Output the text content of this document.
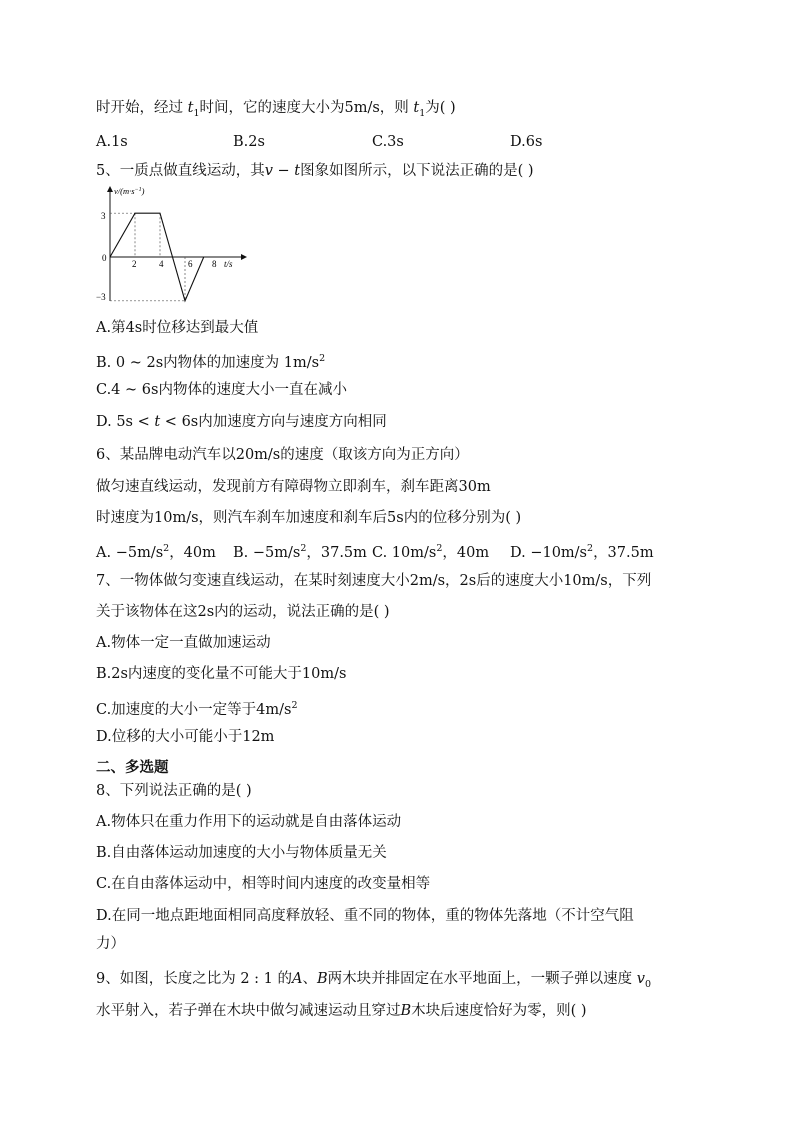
时开始，经过 $t_1$时间，它的速度大小为5m/s，则 $t_1$为( )
A.1s	B.2s	C.3s	D.6s
5、一质点做直线运动，其v − t图象如图所示，以下说法正确的是( )
$v/(m\cdot s^{-1})$
t/s
0
3
−3
2	4	6 8
A.第4s时位移达到最大值
B. 0 ~ 2s内物体的加速度为 $1m/s^2$
C.4 ~ 6s内物体的速度大小一直在减小
D. 5s < t < 6s内加速度方向与速度方向相同
6、某品牌电动汽车以20m/s的速度（取该方向为正方向）
做匀速直线运动，发现前方有障碍物立即刹车，刹车距离30m
时速度为10m/s，则汽车刹车加速度和刹车后5s内的位移分别为( )
A. $-5m/s^2$，40m B. $-5m/s^2$，37.5m C. $10m/s^2$，40m D. $-10m/s^2$，37.5m
7、一物体做匀变速直线运动，在某时刻速度大小2m/s，2s后的速度大小10m/s，下列
关于该物体在这2s内的运动，说法正确的是( )
A.物体一定一直做加速运动
B.2s内速度的变化量不可能大于10m/s
C.加速度的大小一定等于$4m/s^2$
D.位移的大小可能小于12m
二、多选题
8、下列说法正确的是( )
A.物体只在重力作用下的运动就是自由落体运动
B.自由落体运动加速度的大小与物体质量无关
C.在自由落体运动中，相等时间内速度的改变量相等
D.在同一地点距地面相同高度释放轻、重不同的物体，重的物体先落地（不计空气阻
力）
9、如图，长度之比为 2 : 1 的A、B两木块并排固定在水平地面上，一颗子弹以速度 $v_0$
水平射入，若子弹在木块中做匀减速运动且穿过B木块后速度恰好为零，则( )
